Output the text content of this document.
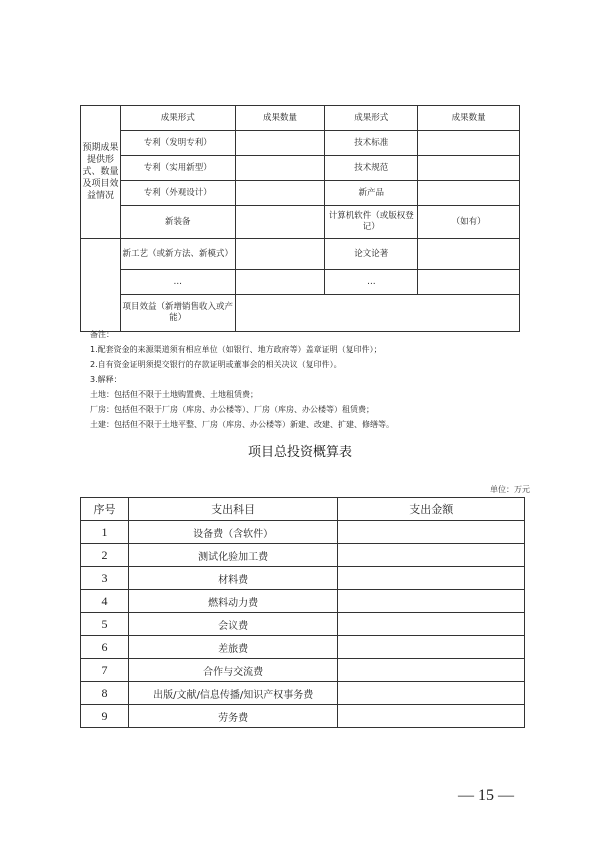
预期成果提供形式、数量及项目效益情况	成果形式	成果数量	成果形式	成果数量
	专利（发明专利）		技术标准	
	专利（实用新型）		技术规范	
	专利（外观设计）		新产品	
	新装备		计算机软件（或版权登记）	（如有）
	新工艺（或新方法、新模式）		论文论著	
	…		…	
	项目效益（新增销售收入或产能）			
备注：
1.配套资金的来源渠道须有相应单位（如银行、地方政府等）盖章证明（复印件）；
2.自有资金证明须提交银行的存款证明或董事会的相关决议（复印件）。
3.解释：
土地：包括但不限于土地购置费、土地租赁费；
厂房：包括但不限于厂房（库房、办公楼等）、厂房（库房、办公楼等）租赁费；
土建：包括但不限于土地平整、厂房（库房、办公楼等）新建、改建、扩建、修缮等。
项目总投资概算表
单位：万元
序号	支出科目	支出金额
1	设备费（含软件）	
2	测试化验加工费	
3	材料费	
4	燃料动力费	
5	会议费	
6	差旅费	
7	合作与交流费	
8	出版/文献/信息传播/知识产权事务费	
9	劳务费	
— 15 —
